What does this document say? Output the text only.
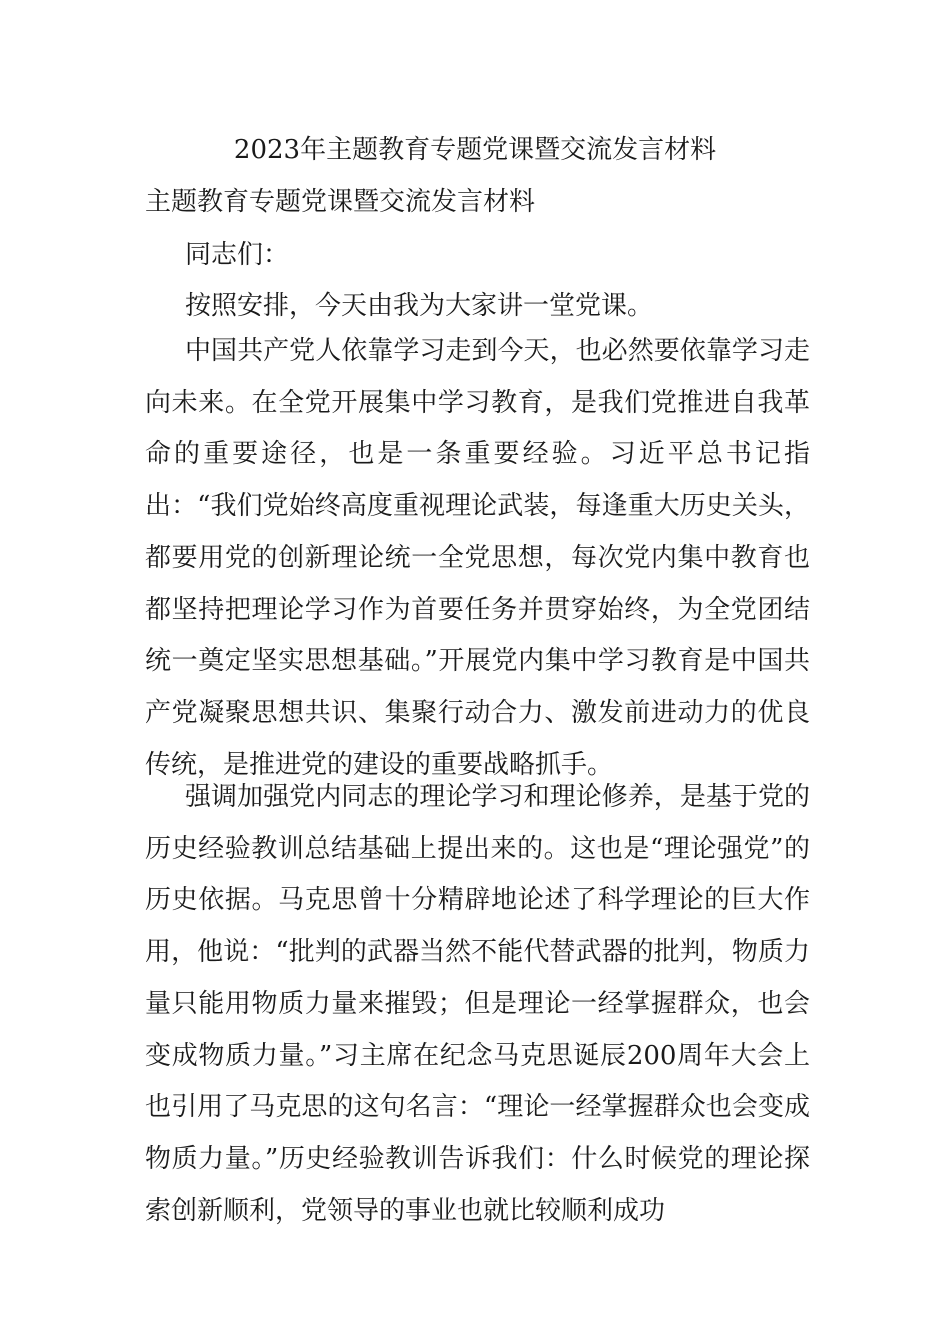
2023年主题教育专题党课暨交流发言材料
主题教育专题党课暨交流发言材料

同志们：

按照安排，今天由我为大家讲一堂党课。

中国共产党人依靠学习走到今天，也必然要依靠学习走向未来。在全党开展集中学习教育，是我们党推进自我革命的重要途径，也是一条重要经验。习近平总书记指出：“我们党始终高度重视理论武装，每逢重大历史关头，都要用党的创新理论统一全党思想，每次党内集中教育也都坚持把理论学习作为首要任务并贯穿始终，为全党团结统一奠定坚实思想基础。”开展党内集中学习教育是中国共产党凝聚思想共识、集聚行动合力、激发前进动力的优良传统，是推进党的建设的重要战略抓手。

强调加强党内同志的理论学习和理论修养，是基于党的历史经验教训总结基础上提出来的。这也是“理论强党”的历史依据。马克思曾十分精辟地论述了科学理论的巨大作用，他说：“批判的武器当然不能代替武器的批判，物质力量只能用物质力量来摧毁；但是理论一经掌握群众，也会变成物质力量。”习主席在纪念马克思诞辰200周年大会上也引用了马克思的这句名言：“理论一经掌握群众也会变成物质力量。”历史经验教训告诉我们：什么时候党的理论探索创新顺利，党领导的事业也就比较顺利成功
